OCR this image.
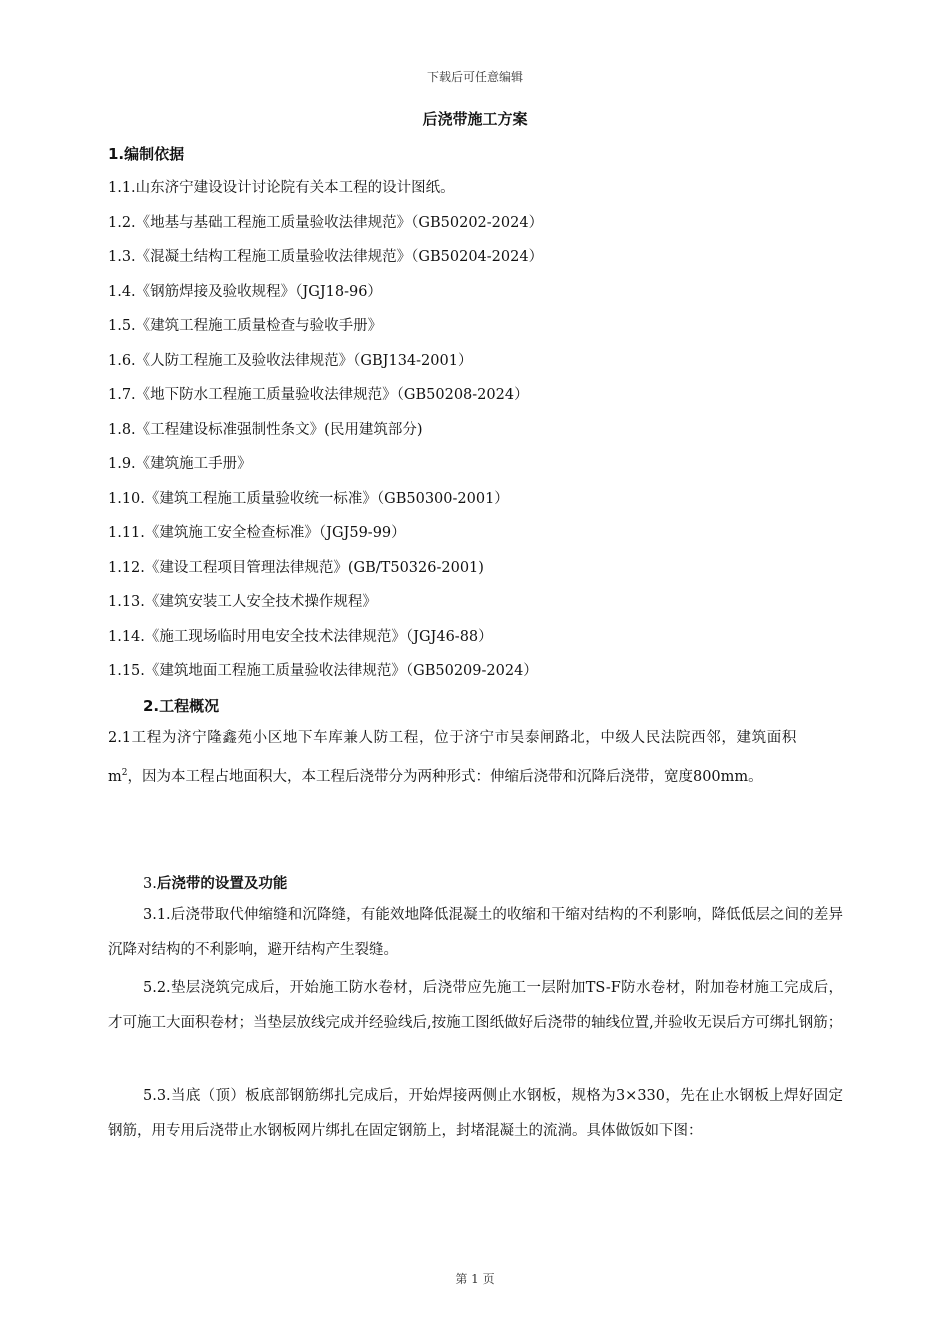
下载后可任意编辑
后浇带施工方案
1.编制依据
1.1.山东济宁建设设计讨论院有关本工程的设计图纸。
1.2.《地基与基础工程施工质量验收法律规范》（GB50202-2024）
1.3.《混凝土结构工程施工质量验收法律规范》（GB50204-2024）
1.4.《钢筋焊接及验收规程》（JGJ18-96）
1.5.《建筑工程施工质量检查与验收手册》
1.6.《人防工程施工及验收法律规范》（GBJ134-2001）
1.7.《地下防水工程施工质量验收法律规范》（GB50208-2024）
1.8.《工程建设标准强制性条文》(民用建筑部分)
1.9.《建筑施工手册》
1.10.《建筑工程施工质量验收统一标准》（GB50300-2001）
1.11.《建筑施工安全检查标准》（JGJ59-99）
1.12.《建设工程项目管理法律规范》(GB/T50326-2001)
1.13.《建筑安装工人安全技术操作规程》
1.14.《施工现场临时用电安全技术法律规范》（JGJ46-88）
1.15.《建筑地面工程施工质量验收法律规范》（GB50209-2024）
2.工程概况
2.1工程为济宁隆鑫苑小区地下车库兼人防工程，位于济宁市吴泰闸路北，中级人民法院西邻，建筑面积$m^2$，因为本工程占地面积大，本工程后浇带分为两种形式：伸缩后浇带和沉降后浇带，宽度800mm。
3.后浇带的设置及功能
3.1.后浇带取代伸缩缝和沉降缝，有能效地降低混凝土的收缩和干缩对结构的不利影响，降低低层之间的差异沉降对结构的不利影响，避开结构产生裂缝。
5.2.垫层浇筑完成后，开始施工防水卷材，后浇带应先施工一层附加TS-F防水卷材，附加卷材施工完成后，才可施工大面积卷材；当垫层放线完成并经验线后,按施工图纸做好后浇带的轴线位置,并验收无误后方可绑扎钢筋；
5.3.当底（顶）板底部钢筋绑扎完成后，开始焊接两侧止水钢板，规格为3×330，先在止水钢板上焊好固定钢筋，用专用后浇带止水钢板网片绑扎在固定钢筋上，封堵混凝土的流淌。具体做饭如下图：
第 1 页
